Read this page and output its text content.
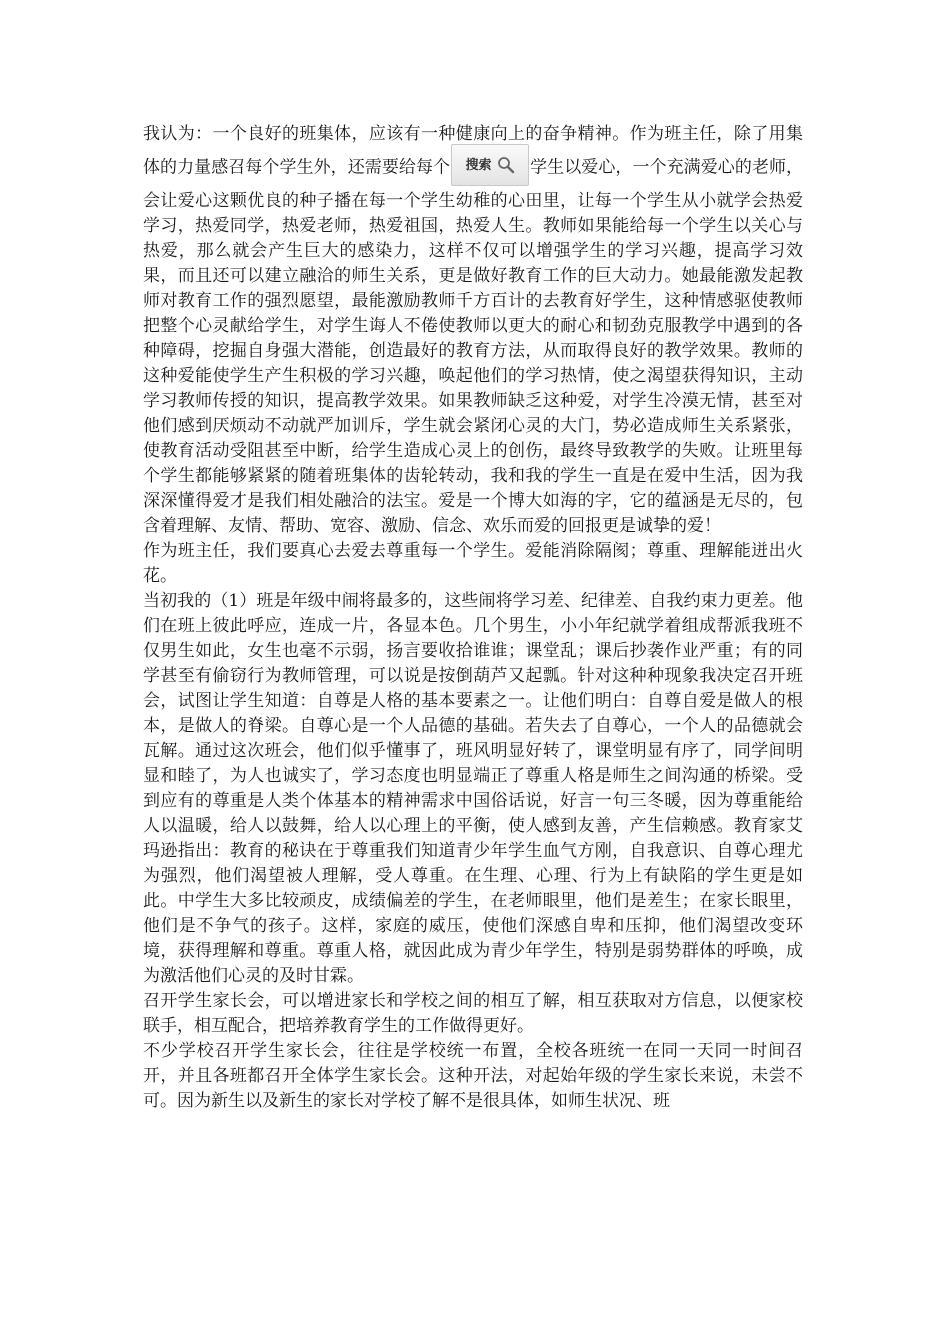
我认为：一个良好的班集体，应该有一种健康向上的奋争精神。作为班主任，除了用集体的力量感召每个学生外，还需要给每个 搜索 学生以爱心，一个充满爱心的老师，会让爱心这颗优良的种子播在每一个学生幼稚的心田里，让每一个学生从小就学会热爱学习，热爱同学，热爱老师，热爱祖国，热爱人生。教师如果能给每一个学生以关心与热爱，那么就会产生巨大的感染力，这样不仅可以增强学生的学习兴趣，提高学习效果，而且还可以建立融洽的师生关系，更是做好教育工作的巨大动力。她最能激发起教师对教育工作的强烈愿望，最能激励教师千方百计的去教育好学生，这种情感驱使教师把整个心灵献给学生，对学生诲人不倦使教师以更大的耐心和韧劲克服教学中遇到的各种障碍，挖掘自身强大潜能，创造最好的教育方法，从而取得良好的教学效果。教师的这种爱能使学生产生积极的学习兴趣，唤起他们的学习热情，使之渴望获得知识，主动学习教师传授的知识，提高教学效果。如果教师缺乏这种爱，对学生冷漠无情，甚至对他们感到厌烦动不动就严加训斥，学生就会紧闭心灵的大门，势必造成师生关系紧张，使教育活动受阻甚至中断，给学生造成心灵上的创伤，最终导致教学的失败。让班里每个学生都能够紧紧的随着班集体的齿轮转动，我和我的学生一直是在爱中生活，因为我深深懂得爱才是我们相处融洽的法宝。爱是一个博大如海的字，它的蕴涵是无尽的，包含着理解、友情、帮助、宽容、激励、信念、欢乐而爱的回报更是诚挚的爱！

作为班主任，我们要真心去爱去尊重每一个学生。爱能消除隔阂；尊重、理解能迸出火花。

当初我的（1）班是年级中闹将最多的，这些闹将学习差、纪律差、自我约束力更差。他们在班上彼此呼应，连成一片，各显本色。几个男生，小小年纪就学着组成帮派我班不仅男生如此，女生也毫不示弱，扬言要收拾谁谁；课堂乱；课后抄袭作业严重；有的同学甚至有偷窃行为教师管理，可以说是按倒葫芦又起瓢。针对这种种现象我决定召开班会，试图让学生知道：自尊是人格的基本要素之一。让他们明白：自尊自爱是做人的根本，是做人的脊梁。自尊心是一个人品德的基础。若失去了自尊心，一个人的品德就会瓦解。通过这次班会，他们似乎懂事了，班风明显好转了，课堂明显有序了，同学间明显和睦了，为人也诚实了，学习态度也明显端正了尊重人格是师生之间沟通的桥梁。受到应有的尊重是人类个体基本的精神需求中国俗话说，好言一句三冬暖，因为尊重能给人以温暖，给人以鼓舞，给人以心理上的平衡，使人感到友善，产生信赖感。教育家艾玛逊指出：教育的秘诀在于尊重我们知道青少年学生血气方刚，自我意识、自尊心理尤为强烈，他们渴望被人理解，受人尊重。在生理、心理、行为上有缺陷的学生更是如此。中学生大多比较顽皮，成绩偏差的学生，在老师眼里，他们是差生；在家长眼里，他们是不争气的孩子。这样，家庭的威压，使他们深感自卑和压抑，他们渴望改变环境，获得理解和尊重。尊重人格，就因此成为青少年学生，特别是弱势群体的呼唤，成为激活他们心灵的及时甘霖。

召开学生家长会，可以增进家长和学校之间的相互了解，相互获取对方信息，以便家校联手，相互配合，把培养教育学生的工作做得更好。

不少学校召开学生家长会，往往是学校统一布置，全校各班统一在同一天同一时间召开，并且各班都召开全体学生家长会。这种开法，对起始年级的学生家长来说，未尝不可。因为新生以及新生的家长对学校了解不是很具体，如师生状况、班
